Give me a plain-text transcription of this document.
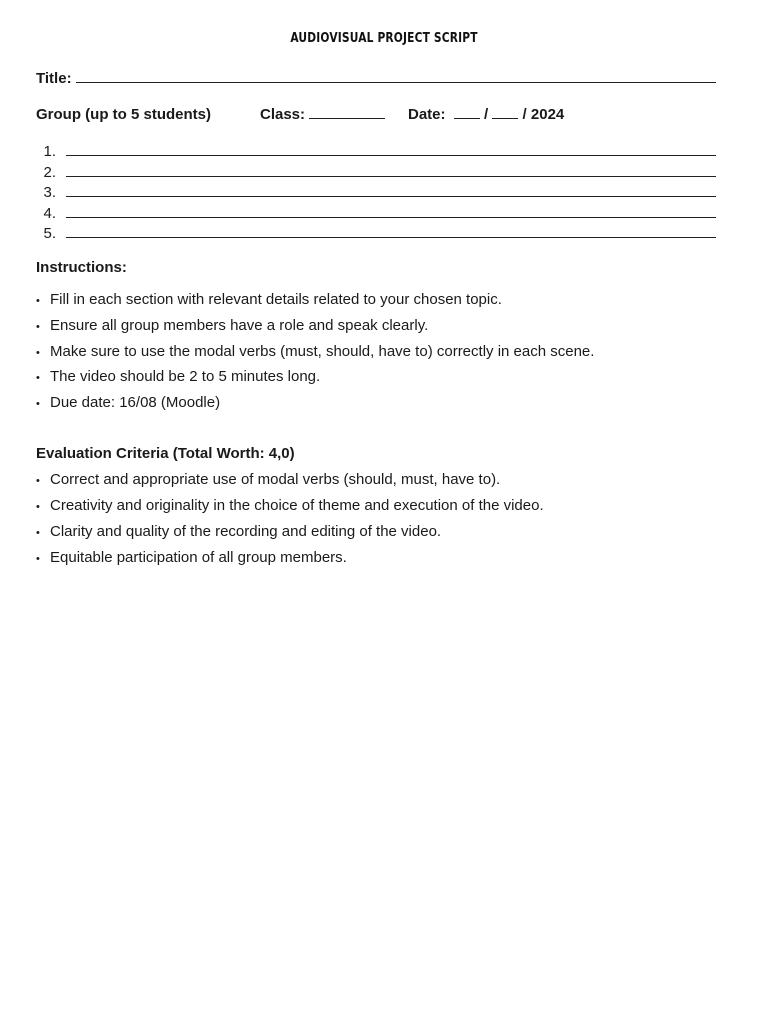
AUDIOVISUAL PROJECT SCRIPT
Title:
Group (up to 5 students)	Class:	Date:	/ / 2024
1.
2.
3.
4.
5.
Instructions:
• Fill in each section with relevant details related to your chosen topic.
• Ensure all group members have a role and speak clearly.
• Make sure to use the modal verbs (must, should, have to) correctly in each scene.
• The video should be 2 to 5 minutes long.
• Due date: 16/08 (Moodle)
Evaluation Criteria (Total Worth: 4,0)
• Correct and appropriate use of modal verbs (should, must, have to).
• Creativity and originality in the choice of theme and execution of the video.
• Clarity and quality of the recording and editing of the video.
• Equitable participation of all group members.
